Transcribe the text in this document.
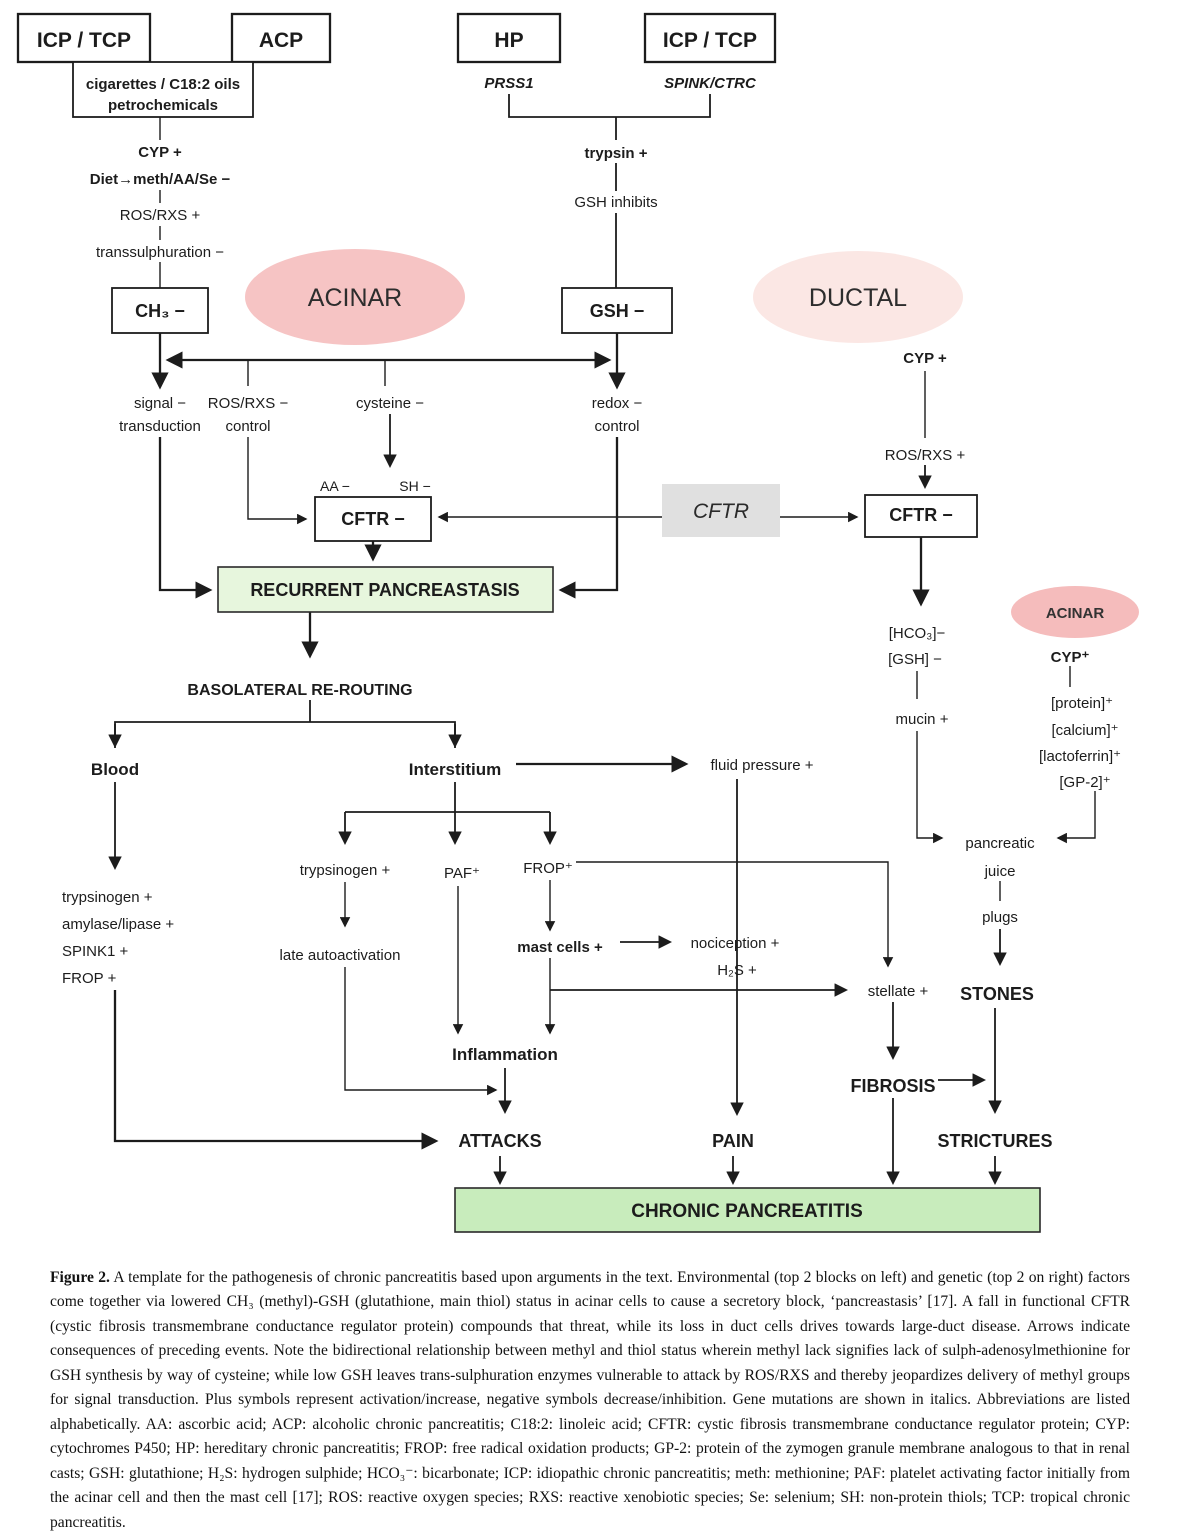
ACINAR	DUCTAL
ACINAR
ICP / TCP	ACP	HP	ICP / TCP
cigarettes / C18:2 oils
petrochemicals
CH₃ −	GSH −
CFTR −	CFTR	CFTR −
RECURRENT PANCREASTASIS
CHRONIC PANCREATITIS
PRSS1	SPINK/CTRC
CYP +
Diet→meth/AA/Se −
ROS/RXS +
transsulphuration −
trypsin +
GSH inhibits
signal −
transduction
ROS/RXS −
control
cysteine −	redox −
control
AA −	SH −
CYP +
ROS/RXS +
BASOLATERAL RE-ROUTING
Blood	Interstitium	fluid pressure +
[HCO₃]−
[GSH] −
mucin +
CYP⁺
[protein]⁺
[calcium]⁺
[lactoferrin]⁺
[GP-2]⁺
pancreatic
juice
plugs
STONES
trypsinogen +
amylase/lipase +
SPINK1 +
FROP +
trypsinogen +	PAF⁺	FROP⁺
late autoactivation	mast cells +	nociception +
H₂S +
stellate +
Inflammation
ATTACKS	PAIN
FIBROSIS
STRICTURES

Figure 2. A template for the pathogenesis of chronic pancreatitis based upon arguments in the text. Environmental (top 2 blocks on left) and genetic (top 2 on right) factors come together via lowered CH₃ (methyl)-GSH (glutathione, main thiol) status in acinar cells to cause a secretory block, ‘pancreastasis’ [17]. A fall in functional CFTR (cystic fibrosis transmembrane conductance regulator protein) compounds that threat, while its loss in duct cells drives towards large-duct disease. Arrows indicate consequences of preceding events. Note the bidirectional relationship between methyl and thiol status wherein methyl lack signifies lack of sulph-adenosylmethionine for GSH synthesis by way of cysteine; while low GSH leaves trans-sulphuration enzymes vulnerable to attack by ROS/RXS and thereby jeopardizes delivery of methyl groups for signal transduction. Plus symbols represent activation/increase, negative symbols decrease/inhibition. Gene mutations are shown in italics. Abbreviations are listed alphabetically. AA: ascorbic acid; ACP: alcoholic chronic pancreatitis; C18:2: linoleic acid; CFTR: cystic fibrosis transmembrane conductance regulator protein; CYP: cytochromes P450; HP: hereditary chronic pancreatitis; FROP: free radical oxidation products; GP-2: protein of the zymogen granule membrane analogous to that in renal casts; GSH: glutathione; H₂S: hydrogen sulphide; HCO₃⁻: bicarbonate; ICP: idiopathic chronic pancreatitis; meth: methionine; PAF: platelet activating factor initially from the acinar cell and then the mast cell [17]; ROS: reactive oxygen species; RXS: reactive xenobiotic species; Se: selenium; SH: non-protein thiols; TCP: tropical chronic pancreatitis.
